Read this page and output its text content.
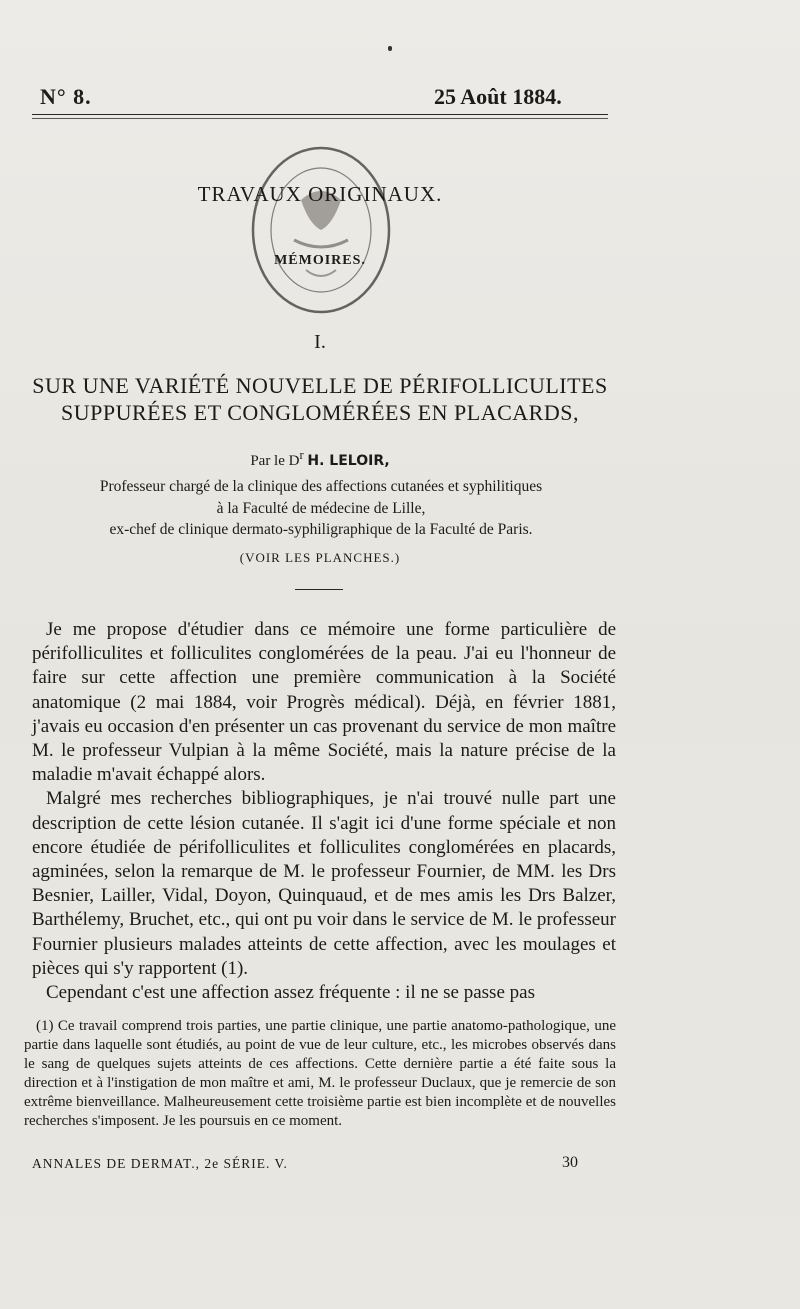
N° 8.	25 Août 1884.
TRAVAUX ORIGINAUX.
MÉMOIRES.
I.
SUR UNE VARIÉTÉ NOUVELLE DE PÉRIFOLLICULITES
SUPPURÉES ET CONGLOMÉRÉES EN PLACARDS,
Par le $D^r$ H. LELOIR,
Professeur chargé de la clinique des affections cutanées et syphilitiques
à la Faculté de médecine de Lille,
ex-chef de clinique dermato-syphiligraphique de la Faculté de Paris.
(VOIR LES PLANCHES.)

Je me propose d'étudier dans ce mémoire une forme particulière de périfolliculites et folliculites conglomérées de la peau. J'ai eu l'honneur de faire sur cette affection une première communication à la Société anatomique (2 mai 1884, voir Progrès médical). Déjà, en février 1881, j'avais eu occasion d'en présenter un cas provenant du service de mon maître M. le professeur Vulpian à la même Société, mais la nature précise de la maladie m'avait échappé alors.

Malgré mes recherches bibliographiques, je n'ai trouvé nulle part une description de cette lésion cutanée. Il s'agit ici d'une forme spéciale et non encore étudiée de périfolliculites et folliculites conglomérées en placards, agminées, selon la remarque de M. le professeur Fournier, de MM. les Drs Besnier, Lailler, Vidal, Doyon, Quinquaud, et de mes amis les Drs Balzer, Barthélemy, Bruchet, etc., qui ont pu voir dans le service de M. le professeur Fournier plusieurs malades atteints de cette affection, avec les moulages et pièces qui s'y rapportent (1).

Cependant c'est une affection assez fréquente : il ne se passe pas

(1) Ce travail comprend trois parties, une partie clinique, une partie anatomo-pathologique, une partie dans laquelle sont étudiés, au point de vue de leur culture, etc., les microbes observés dans le sang de quelques sujets atteints de ces affections. Cette dernière partie a été faite sous la direction et à l'instigation de mon maître et ami, M. le professeur Duclaux, que je remercie de son extrême bienveillance. Malheureusement cette troisième partie est bien incomplète et de nouvelles recherches s'imposent. Je les poursuis en ce moment.

ANNALES DE DERMAT., 2e SÉRIE. V.	30
